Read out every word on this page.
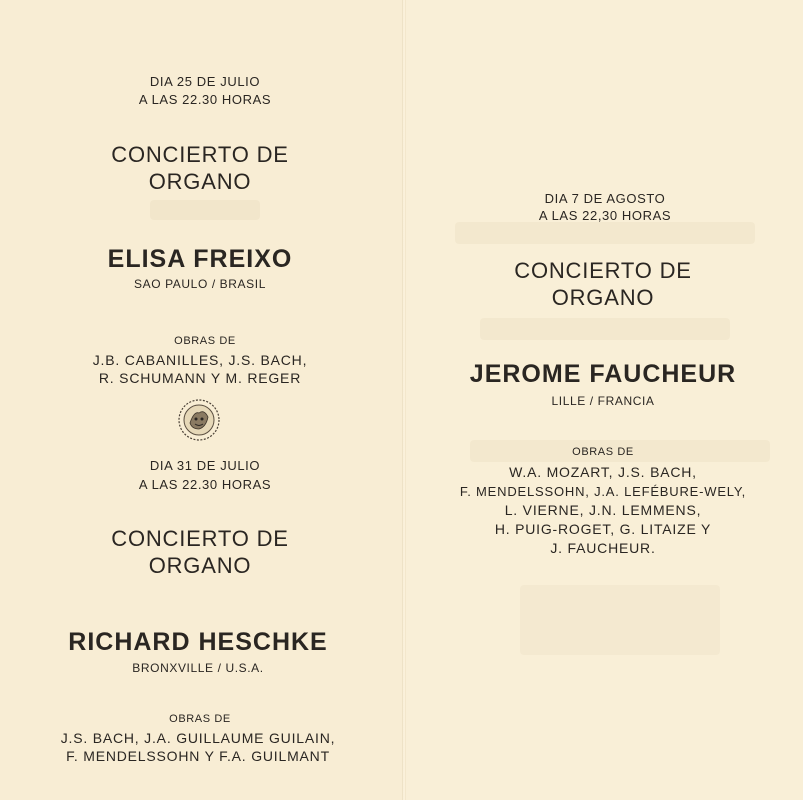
DIA 25 DE JULIO
A LAS 22.30 HORAS
CONCIERTO DE
ORGANO
ELISA FREIXO
SAO PAULO / BRASIL
OBRAS DE
J.B. CABANILLES, J.S. BACH,
R. SCHUMANN Y M. REGER
DIA 31 DE JULIO
A LAS 22.30 HORAS
CONCIERTO DE
ORGANO
RICHARD HESCHKE
BRONXVILLE / U.S.A.
OBRAS DE
J.S. BACH, J.A. GUILLAUME GUILAIN,
F. MENDELSSOHN Y F.A. GUILMANT
DIA 7 DE AGOSTO
A LAS 22,30 HORAS
CONCIERTO DE
ORGANO
JEROME FAUCHEUR
LILLE / FRANCIA
OBRAS DE
W.A. MOZART, J.S. BACH,
F. MENDELSSOHN, J.A. LEFÉBURE-WELY,
L. VIERNE, J.N. LEMMENS,
H. PUIG-ROGET, G. LITAIZE Y
J. FAUCHEUR.
